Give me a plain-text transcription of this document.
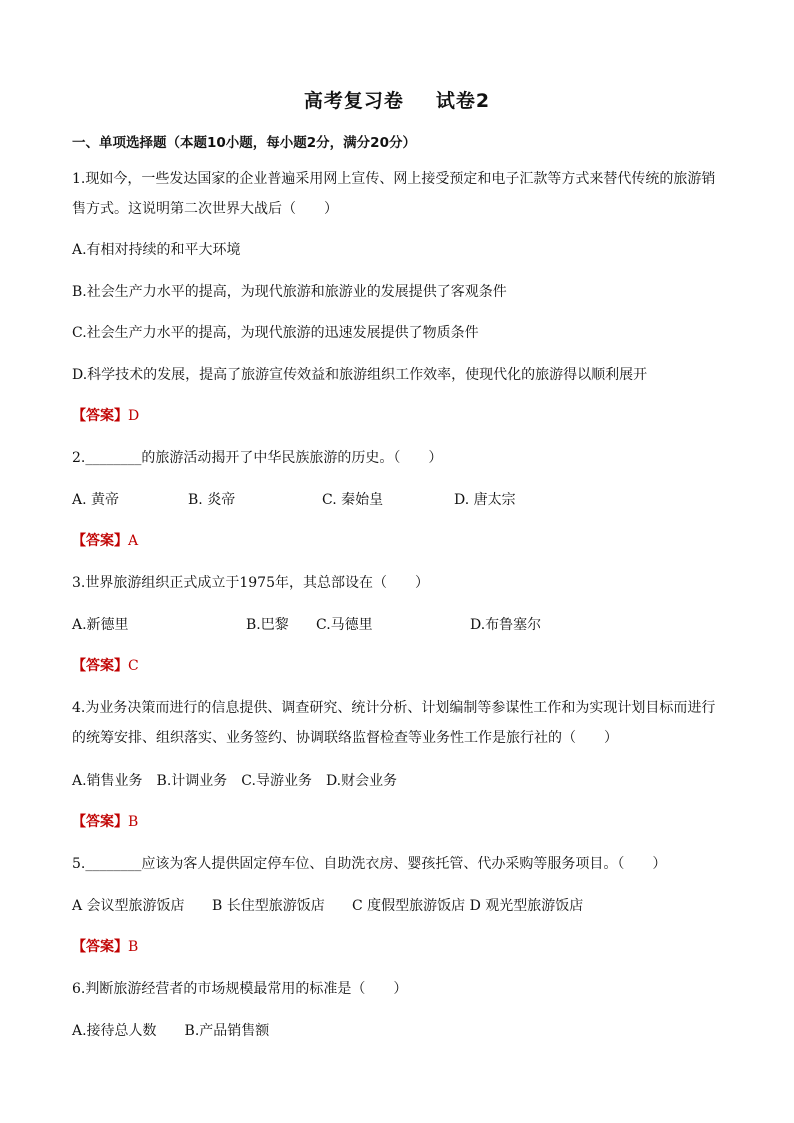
高考复习卷 试卷2
一、单项选择题（本题10小题，每小题2分，满分20分）
1.现如今，一些发达国家的企业普遍采用网上宣传、网上接受预定和电子汇款等方式来替代传统的旅游销
售方式。这说明第二次世界大战后（　　）
A.有相对持续的和平大环境
B.社会生产力水平的提高，为现代旅游和旅游业的发展提供了客观条件
C.社会生产力水平的提高，为现代旅游的迅速发展提供了物质条件
D.科学技术的发展，提高了旅游宣传效益和旅游组织工作效率，使现代化的旅游得以顺利展开
【答案】D
2.________的旅游活动揭开了中华民族旅游的历史。（　　）
A. 黄帝	B. 炎帝	C. 秦始皇	D. 唐太宗
【答案】A
3.世界旅游组织正式成立于1975年，其总部设在（　　）
A.新德里	B.巴黎 C.马德里	D.布鲁塞尔
【答案】C
4.为业务决策而进行的信息提供、调查研究、统计分析、计划编制等参谋性工作和为实现计划目标而进行
的统筹安排、组织落实、业务签约、协调联络监督检查等业务性工作是旅行社的（　　）
A.销售业务　B.计调业务　C.导游业务　D.财会业务
【答案】B
5.________应该为客人提供固定停车位、自助洗衣房、婴孩托管、代办采购等服务项目。（　　）
A 会议型旅游饭店 B 长住型旅游饭店 C 度假型旅游饭店 D 观光型旅游饭店
【答案】B
6.判断旅游经营者的市场规模最常用的标准是（　　）
A.接待总人数　　B.产品销售额
